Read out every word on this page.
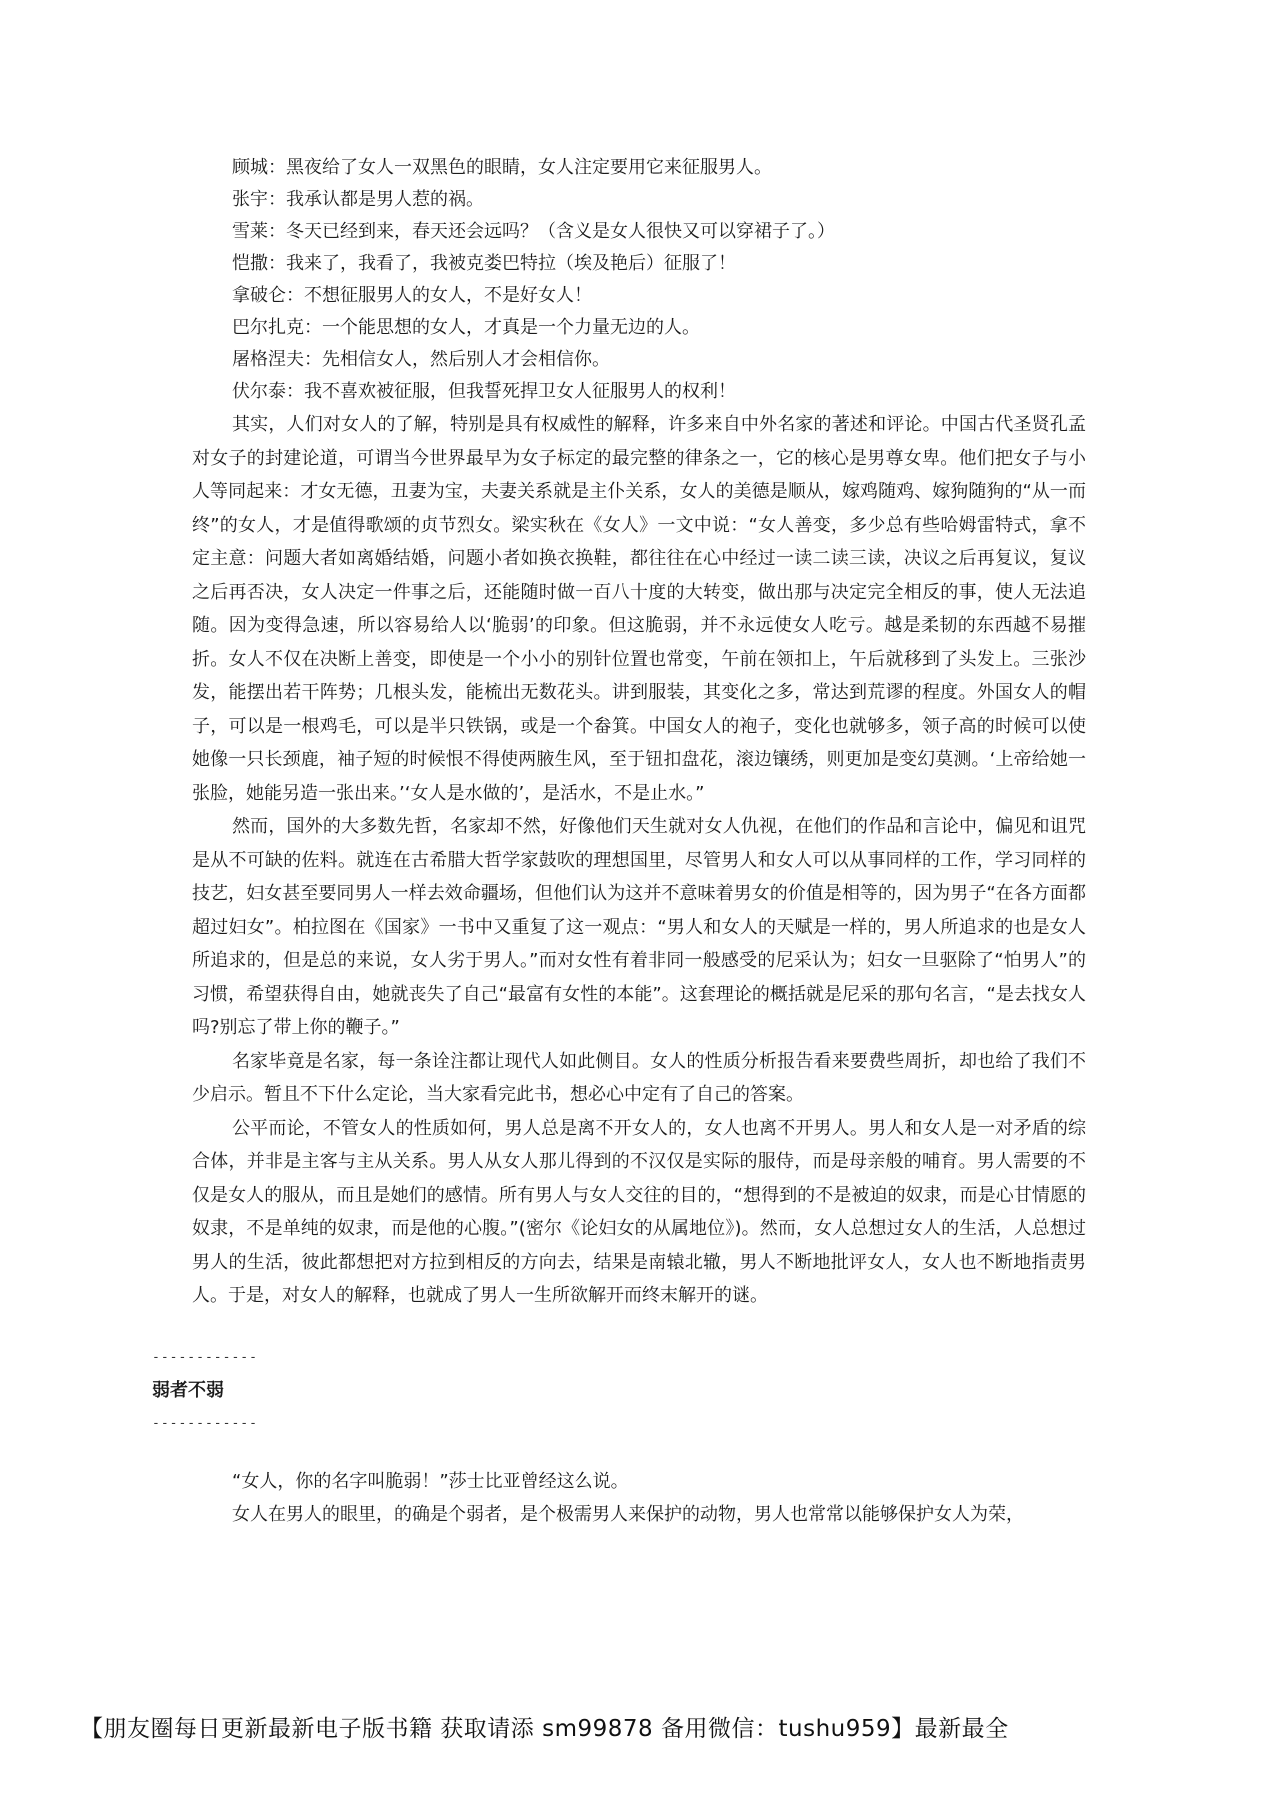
顾城：黑夜给了女人一双黑色的眼睛，女人注定要用它来征服男人。

张宇：我承认都是男人惹的祸。

雪莱：冬天已经到来，春天还会远吗？（含义是女人很快又可以穿裙子了。）

恺撒：我来了，我看了，我被克娄巴特拉（埃及艳后）征服了！

拿破仑：不想征服男人的女人，不是好女人！

巴尔扎克：一个能思想的女人，才真是一个力量无边的人。

屠格涅夫：先相信女人，然后别人才会相信你。

伏尔泰：我不喜欢被征服，但我誓死捍卫女人征服男人的权利！

其实，人们对女人的了解，特别是具有权威性的解释，许多来自中外名家的著述和评论。中国古代圣贤孔孟对女子的封建论道，可谓当今世界最早为女子标定的最完整的律条之一，它的核心是男尊女卑。他们把女子与小人等同起来：才女无德，丑妻为宝，夫妻关系就是主仆关系，女人的美德是顺从，嫁鸡随鸡、嫁狗随狗的“从一而终”的女人，才是值得歌颂的贞节烈女。梁实秋在《女人》一文中说：“女人善变，多少总有些哈姆雷特式，拿不定主意：问题大者如离婚结婚，问题小者如换衣换鞋，都往往在心中经过一读二读三读，决议之后再复议，复议之后再否决，女人决定一件事之后，还能随时做一百八十度的大转变，做出那与决定完全相反的事，使人无法追随。因为变得急速，所以容易给人以‘脆弱’的印象。但这脆弱，并不永远使女人吃亏。越是柔韧的东西越不易摧折。女人不仅在决断上善变，即使是一个小小的别针位置也常变，午前在领扣上，午后就移到了头发上。三张沙发，能摆出若干阵势；几根头发，能梳出无数花头。讲到服装，其变化之多，常达到荒谬的程度。外国女人的帽子，可以是一根鸡毛，可以是半只铁锅，或是一个畚箕。中国女人的袍子，变化也就够多，领子高的时候可以使她像一只长颈鹿，袖子短的时候恨不得使两腋生风，至于钮扣盘花，滚边镶绣，则更加是变幻莫测。‘上帝给她一张脸，她能另造一张出来。’‘女人是水做的’，是活水，不是止水。”

然而，国外的大多数先哲，名家却不然，好像他们天生就对女人仇视，在他们的作品和言论中，偏见和诅咒是从不可缺的佐料。就连在古希腊大哲学家鼓吹的理想国里，尽管男人和女人可以从事同样的工作，学习同样的技艺，妇女甚至要同男人一样去效命疆场，但他们认为这并不意味着男女的价值是相等的，因为男子“在各方面都超过妇女”。柏拉图在《国家》一书中又重复了这一观点：“男人和女人的天赋是一样的，男人所追求的也是女人所追求的，但是总的来说，女人劣于男人。”而对女性有着非同一般感受的尼采认为；妇女一旦驱除了“怕男人”的习惯，希望获得自由，她就丧失了自己“最富有女性的本能”。这套理论的概括就是尼采的那句名言，“是去找女人吗?别忘了带上你的鞭子。”

名家毕竟是名家，每一条诠注都让现代人如此侧目。女人的性质分析报告看来要费些周折，却也给了我们不少启示。暂且不下什么定论，当大家看完此书，想必心中定有了自己的答案。

公平而论，不管女人的性质如何，男人总是离不开女人的，女人也离不开男人。男人和女人是一对矛盾的综合体，并非是主客与主从关系。男人从女人那儿得到的不汉仅是实际的服侍，而是母亲般的哺育。男人需要的不仅是女人的服从，而且是她们的感情。所有男人与女人交往的目的，“想得到的不是被迫的奴隶，而是心甘情愿的奴隶，不是单纯的奴隶，而是他的心腹。”(密尔《论妇女的从属地位》)。然而，女人总想过女人的生活，人总想过男人的生活，彼此都想把对方拉到相反的方向去，结果是南辕北辙，男人不断地批评女人，女人也不断地指责男人。于是，对女人的解释，也就成了男人一生所欲解开而终末解开的谜。

------------

弱者不弱

------------

“女人，你的名字叫脆弱！”莎士比亚曾经这么说。

女人在男人的眼里，的确是个弱者，是个极需男人来保护的动物，男人也常常以能够保护女人为荣，

【朋友圈每日更新最新电子版书籍 获取请添 sm99878 备用微信：tushu959】最新最全
